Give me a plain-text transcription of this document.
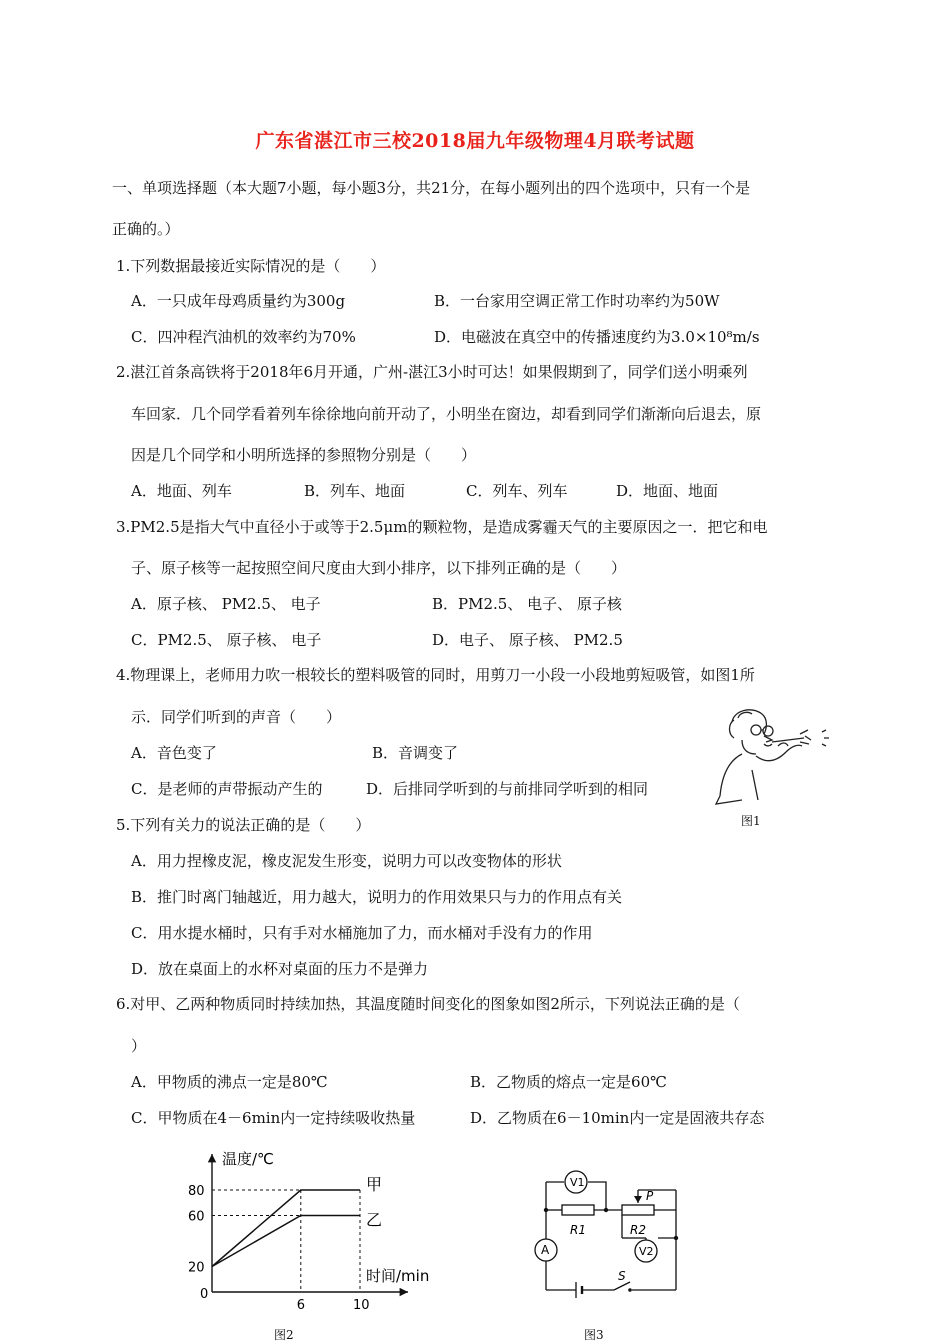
广东省湛江市三校2018届九年级物理4月联考试题
一、单项选择题（本大题7小题，每小题3分，共21分，在每小题列出的四个选项中，只有一个是
正确的。）
1.下列数据最接近实际情况的是（　　）
A．一只成年母鸡质量约为300g	B．一台家用空调正常工作时功率约为50W
C．四冲程汽油机的效率约为70%	D．电磁波在真空中的传播速度约为3.0×10⁸m/s
2.湛江首条高铁将于2018年6月开通，广州-湛江3小时可达！如果假期到了，同学们送小明乘列
车回家．几个同学看着列车徐徐地向前开动了，小明坐在窗边，却看到同学们渐渐向后退去，原
因是几个同学和小明所选择的参照物分别是（　　）
A．地面、列车	B．列车、地面	C．列车、列车	D．地面、地面
3.PM2.5是指大气中直径小于或等于2.5μm的颗粒物，是造成雾霾天气的主要原因之一．把它和电
子、原子核等一起按照空间尺度由大到小排序，以下排列正确的是（　　）
A．原子核、 PM2.5、 电子	B．PM2.5、 电子、 原子核
C．PM2.5、 原子核、 电子	D．电子、 原子核、 PM2.5
4.物理课上，老师用力吹一根较长的塑料吸管的同时，用剪刀一小段一小段地剪短吸管，如图1所
示．同学们听到的声音（　　）
A．音色变了	B．音调变了
C．是老师的声带振动产生的	D．后排同学听到的与前排同学听到的相同
图1
5.下列有关力的说法正确的是（　　）
A．用力捏橡皮泥，橡皮泥发生形变，说明力可以改变物体的形状
B．推门时离门轴越近，用力越大，说明力的作用效果只与力的作用点有关
C．用水提水桶时，只有手对水桶施加了力，而水桶对手没有力的作用
D．放在桌面上的水杯对桌面的压力不是弹力
6.对甲、乙两种物质同时持续加热，其温度随时间变化的图象如图2所示，下列说法正确的是（
）
A．甲物质的沸点一定是80℃	B．乙物质的熔点一定是60℃
C．甲物质在4－6min内一定持续吸收热量	D．乙物质在6－10min内一定是固液共存态
温度/℃
时间/min
0
甲
乙
80
60
20
6	10
图2
V1
A	V2
R1	R2
P
S
图3
